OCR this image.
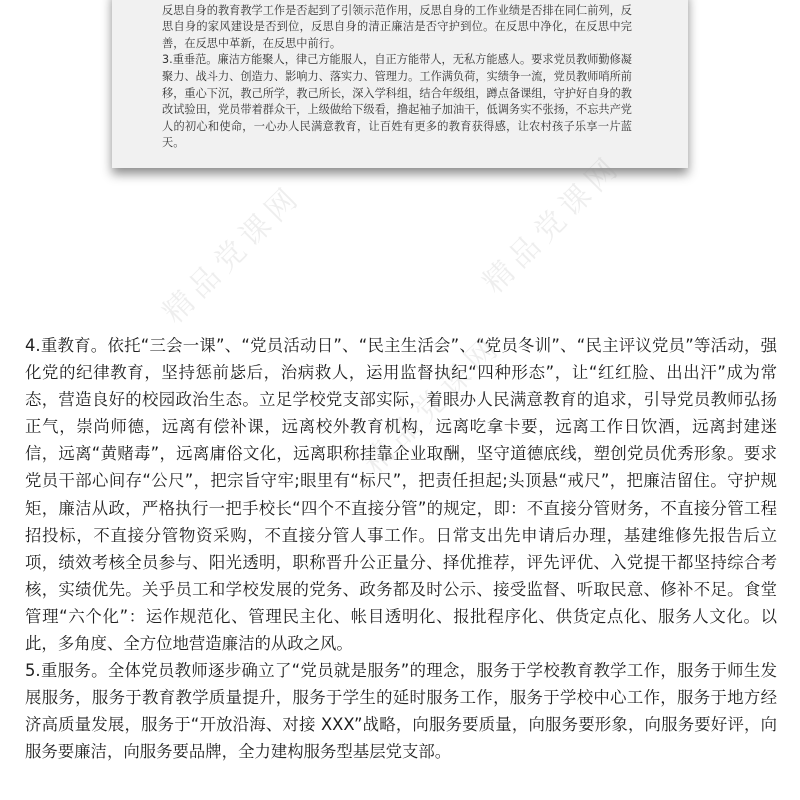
反思自身的教育教学工作是否起到了引领示范作用，反思自身的工作业绩是否排在同仁前列，反思自身的家风建设是否到位，反思自身的清正廉洁是否守护到位。在反思中净化，在反思中完善，在反思中革新，在反思中前行。

3.重垂范。廉洁方能聚人，律己方能服人，自正方能带人，无私方能感人。要求党员教师勤修凝聚力、战斗力、创造力、影响力、落实力、管理力。工作满负荷，实绩争一流，党员教师哨所前移，重心下沉，教己所学，教己所长，深入学科组，结合年级组，蹲点备课组，守护好自身的教改试验田，党员带着群众干，上级做给下级看，撸起袖子加油干，低调务实不张扬，不忘共产党人的初心和使命，一心办人民满意教育，让百姓有更多的教育获得感，让农村孩子乐享一片蓝天。

精品党课网
精品党课网
精品党课网

4.重教育。依托“三会一课”、“党员活动日”、“民主生活会”、“党员冬训”、“民主评议党员”等活动，强化党的纪律教育，坚持惩前毖后，治病救人，运用监督执纪“四种形态”，让“红红脸、出出汗”成为常态，营造良好的校园政治生态。立足学校党支部实际，着眼办人民满意教育的追求，引导党员教师弘扬正气，崇尚师德，远离有偿补课，远离校外教育机构，远离吃拿卡要，远离工作日饮酒，远离封建迷信，远离“黄赌毒”，远离庸俗文化，远离职称挂靠企业取酬，坚守道德底线，塑创党员优秀形象。要求党员干部心间存“公尺”，把宗旨守牢;眼里有“标尺”，把责任担起;头顶悬“戒尺”，把廉洁留住。守护规矩，廉洁从政，严格执行一把手校长“四个不直接分管”的规定，即：不直接分管财务，不直接分管工程招投标，不直接分管物资采购，不直接分管人事工作。日常支出先申请后办理，基建维修先报告后立项，绩效考核全员参与、阳光透明，职称晋升公正量分、择优推荐，评先评优、入党提干都坚持综合考核，实绩优先。关乎员工和学校发展的党务、政务都及时公示、接受监督、听取民意、修补不足。食堂管理“六个化”：运作规范化、管理民主化、帐目透明化、报批程序化、供货定点化、服务人文化。以此，多角度、全方位地营造廉洁的从政之风。

5.重服务。全体党员教师逐步确立了“党员就是服务”的理念，服务于学校教育教学工作，服务于师生发展服务，服务于教育教学质量提升，服务于学生的延时服务工作，服务于学校中心工作，服务于地方经济高质量发展，服务于“开放沿海、对接 XXX”战略，向服务要质量，向服务要形象，向服务要好评，向服务要廉洁，向服务要品牌，全力建构服务型基层党支部。
